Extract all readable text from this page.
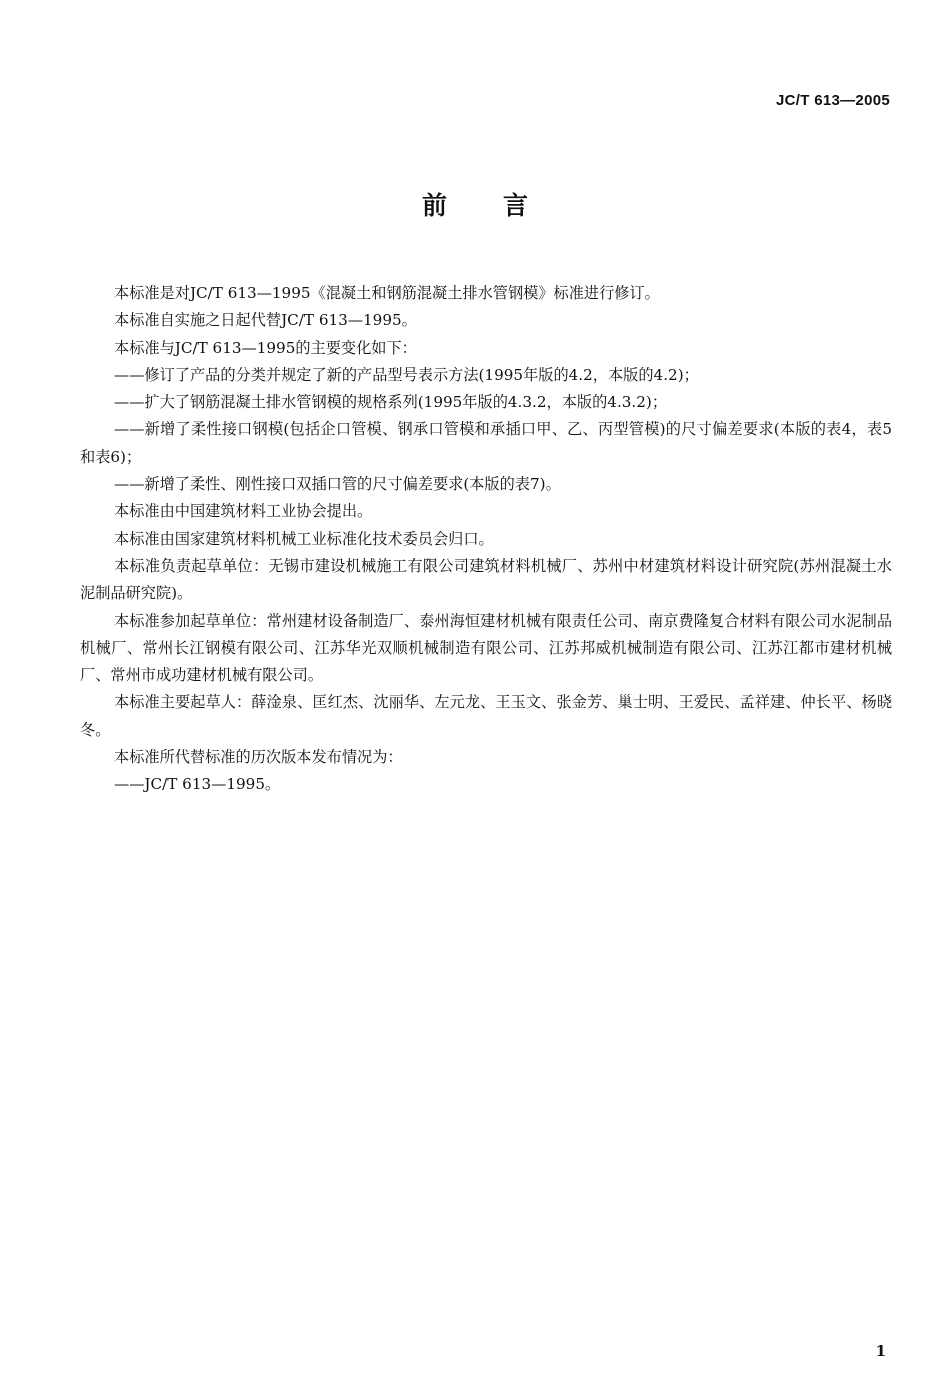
JC/T 613—2005
前言

本标准是对JC/T 613—1995《混凝土和钢筋混凝土排水管钢模》标准进行修订。

本标准自实施之日起代替JC/T 613—1995。

本标准与JC/T 613—1995的主要变化如下：

——修订了产品的分类并规定了新的产品型号表示方法(1995年版的4.2，本版的4.2)；

——扩大了钢筋混凝土排水管钢模的规格系列(1995年版的4.3.2，本版的4.3.2)；

——新增了柔性接口钢模(包括企口管模、钢承口管模和承插口甲、乙、丙型管模)的尺寸偏差要求(本版的表4，表5和表6)；

——新增了柔性、刚性接口双插口管的尺寸偏差要求(本版的表7)。

本标准由中国建筑材料工业协会提出。

本标准由国家建筑材料机械工业标准化技术委员会归口。

本标准负责起草单位：无锡市建设机械施工有限公司建筑材料机械厂、苏州中材建筑材料设计研究院(苏州混凝土水泥制品研究院)。

本标准参加起草单位：常州建材设备制造厂、泰州海恒建材机械有限责任公司、南京费隆复合材料有限公司水泥制品机械厂、常州长江钢模有限公司、江苏华光双顺机械制造有限公司、江苏邦威机械制造有限公司、江苏江都市建材机械厂、常州市成功建材机械有限公司。

本标准主要起草人：薛淦泉、匡红杰、沈丽华、左元龙、王玉文、张金芳、巢士明、王爱民、孟祥建、仲长平、杨晓冬。

本标准所代替标准的历次版本发布情况为：

——JC/T 613—1995。

1
